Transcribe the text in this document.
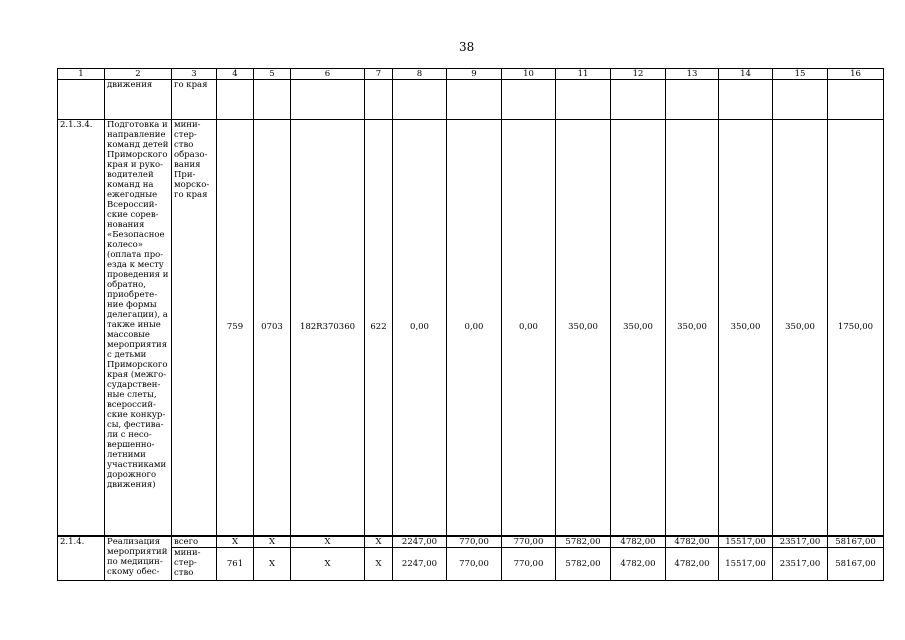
38
1	2	3	4	5	6	7	8	9	10	11	12	13	14	15	16
	движения	го края													
2.1.3.4.	Подготовка и направление команд детей Приморского края и руко-водителей команд на ежегодные Всероссий-ские сорев-нования «Безопасное колесо» (оплата про-езда к месту проведения и обратно, приобрете-ние формы делегации), а также иные массовые мероприятия с детьми Приморского края (межго-сударствен-ные слеты, всероссий-ские конкур-сы, фестива-ли с несо-вершенно-летними участниками дорожного движения)	мини-стер-ство образо-вания При-морско-го края	759	0703	182R370360	622	0,00	0,00	0,00	350,00	350,00	350,00	350,00	350,00	1750,00
2.1.4.	Реализация мероприятий по медицин-скому обес-	всего	X	X	X	X	2247,00	770,00	770,00	5782,00	4782,00	4782,00	15517,00	23517,00	58167,00
		мини-стер-ство	761	X	X	X	2247,00	770,00	770,00	5782,00	4782,00	4782,00	15517,00	23517,00	58167,00
